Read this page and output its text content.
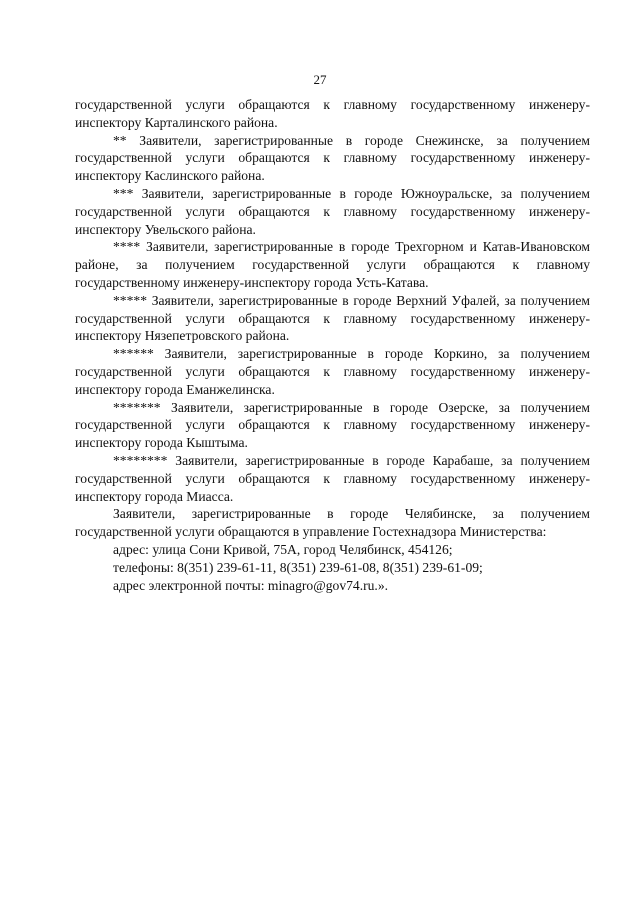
27

государственной услуги обращаются к главному государственному инженеру-инспектору Карталинского района.

** Заявители, зарегистрированные в городе Снежинске, за получением государственной услуги обращаются к главному государственному инженеру-инспектору Каслинского района.

*** Заявители, зарегистрированные в городе Южноуральске, за получением государственной услуги обращаются к главному государственному инженеру-инспектору Увельского района.

**** Заявители, зарегистрированные в городе Трехгорном и Катав-Ивановском районе, за получением государственной услуги обращаются к главному государственному инженеру-инспектору города Усть-Катава.

***** Заявители, зарегистрированные в городе Верхний Уфалей, за получением государственной услуги обращаются к главному государственному инженеру-инспектору Нязепетровского района.

****** Заявители, зарегистрированные в городе Коркино, за получением государственной услуги обращаются к главному государственному инженеру-инспектору города Еманжелинска.

******* Заявители, зарегистрированные в городе Озерске, за получением государственной услуги обращаются к главному государственному инженеру-инспектору города Кыштыма.

******** Заявители, зарегистрированные в городе Карабаше, за получением государственной услуги обращаются к главному государственному инженеру-инспектору города Миасса.

Заявители, зарегистрированные в городе Челябинске, за получением государственной услуги обращаются в управление Гостехнадзора Министерства:

адрес: улица Сони Кривой, 75А, город Челябинск, 454126;

телефоны: 8(351) 239-61-11, 8(351) 239-61-08, 8(351) 239-61-09;

адрес электронной почты: minagro@gov74.ru.».
